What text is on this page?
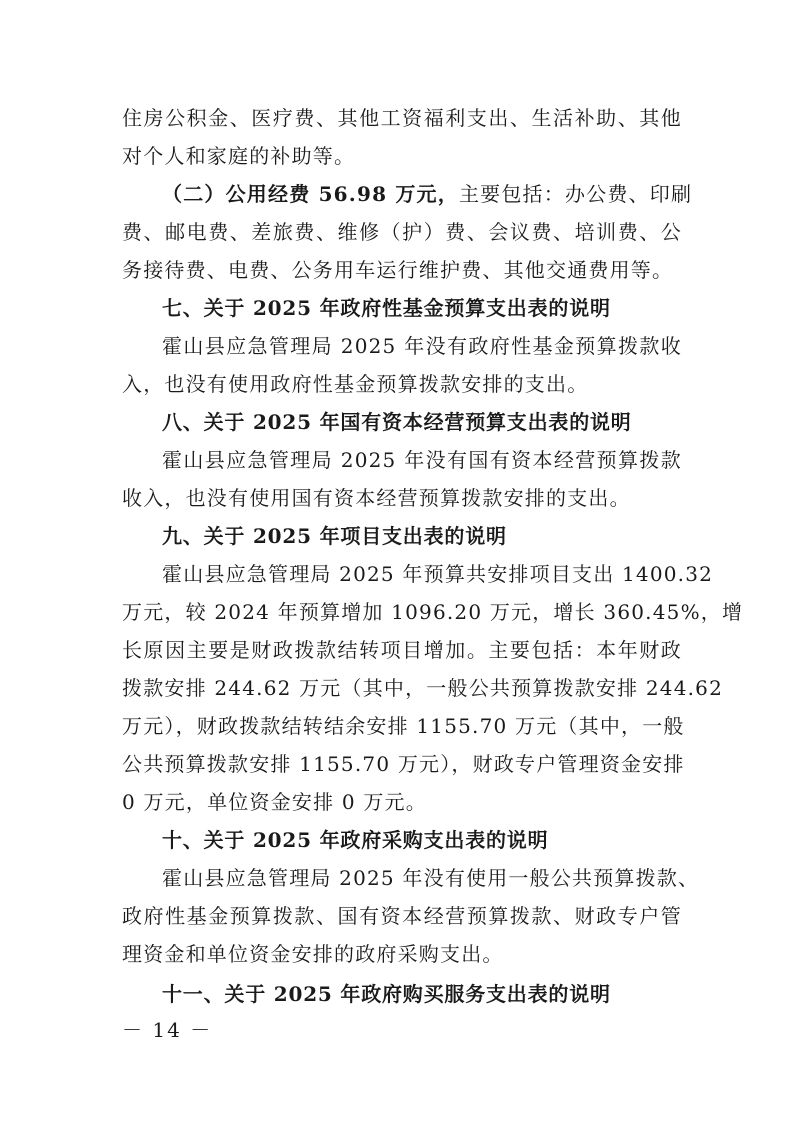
住房公积金、医疗费、其他工资福利支出、生活补助、其他
对个人和家庭的补助等。
（二）公用经费 56.98 万元，主要包括：办公费、印刷
费、邮电费、差旅费、维修（护）费、会议费、培训费、公
务接待费、电费、公务用车运行维护费、其他交通费用等。
七、关于 2025 年政府性基金预算支出表的说明
霍山县应急管理局 2025 年没有政府性基金预算拨款收
入，也没有使用政府性基金预算拨款安排的支出。
八、关于 2025 年国有资本经营预算支出表的说明
霍山县应急管理局 2025 年没有国有资本经营预算拨款
收入，也没有使用国有资本经营预算拨款安排的支出。
九、关于 2025 年项目支出表的说明
霍山县应急管理局 2025 年预算共安排项目支出 1400.32
万元，较 2024 年预算增加 1096.20 万元，增长 360.45%，增
长原因主要是财政拨款结转项目增加。主要包括：本年财政
拨款安排 244.62 万元（其中，一般公共预算拨款安排 244.62
万元），财政拨款结转结余安排 1155.70 万元（其中，一般
公共预算拨款安排 1155.70 万元），财政专户管理资金安排
0 万元，单位资金安排 0 万元。
十、关于 2025 年政府采购支出表的说明
霍山县应急管理局 2025 年没有使用一般公共预算拨款、
政府性基金预算拨款、国有资本经营预算拨款、财政专户管
理资金和单位资金安排的政府采购支出。
十一、关于 2025 年政府购买服务支出表的说明
－ 14 －
